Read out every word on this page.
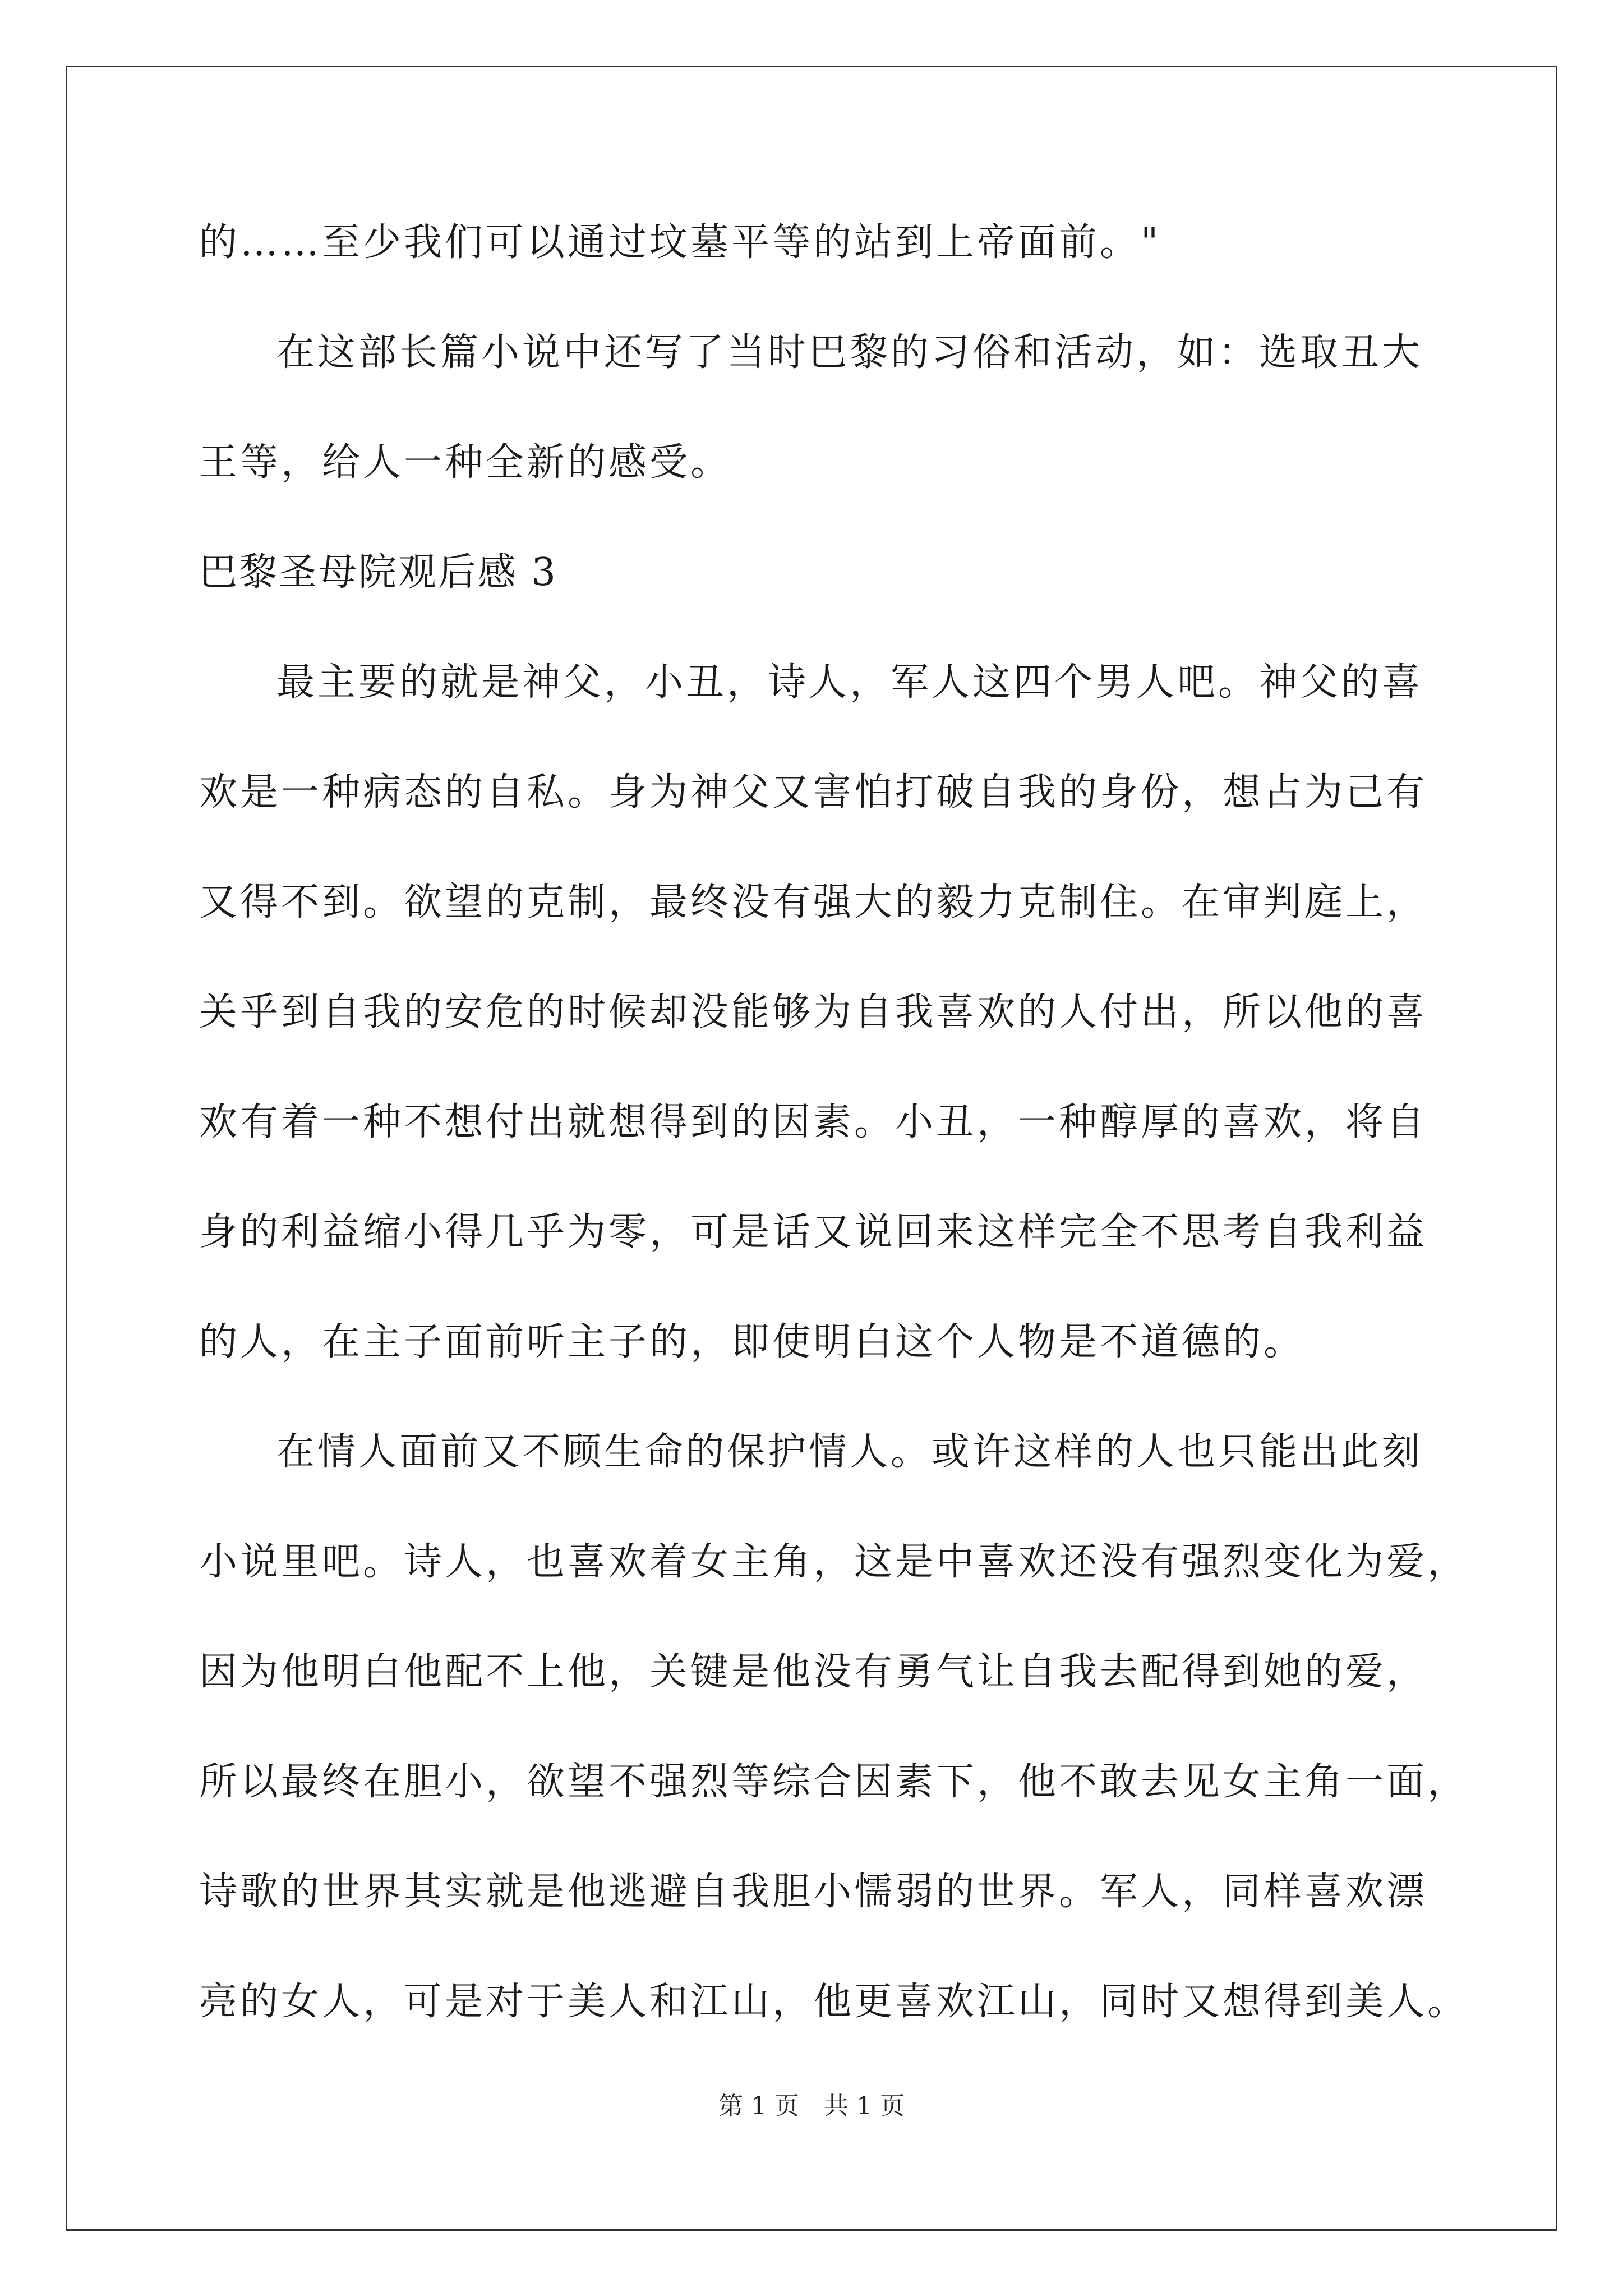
的……至少我们可以通过坟墓平等的站到上帝面前。"
在这部长篇小说中还写了当时巴黎的习俗和活动，如：选取丑大
王等，给人一种全新的感受。
巴黎圣母院观后感 3
最主要的就是神父，小丑，诗人，军人这四个男人吧。神父的喜
欢是一种病态的自私。身为神父又害怕打破自我的身份，想占为己有
又得不到。欲望的克制，最终没有强大的毅力克制住。在审判庭上，
关乎到自我的安危的时候却没能够为自我喜欢的人付出，所以他的喜
欢有着一种不想付出就想得到的因素。小丑，一种醇厚的喜欢，将自
身的利益缩小得几乎为零，可是话又说回来这样完全不思考自我利益
的人，在主子面前听主子的，即使明白这个人物是不道德的。
在情人面前又不顾生命的保护情人。或许这样的人也只能出此刻
小说里吧。诗人，也喜欢着女主角，这是中喜欢还没有强烈变化为爱，
因为他明白他配不上他，关键是他没有勇气让自我去配得到她的爱，
所以最终在胆小，欲望不强烈等综合因素下，他不敢去见女主角一面，
诗歌的世界其实就是他逃避自我胆小懦弱的世界。军人，同样喜欢漂
亮的女人，可是对于美人和江山，他更喜欢江山，同时又想得到美人。
第 1 页　共 1 页
